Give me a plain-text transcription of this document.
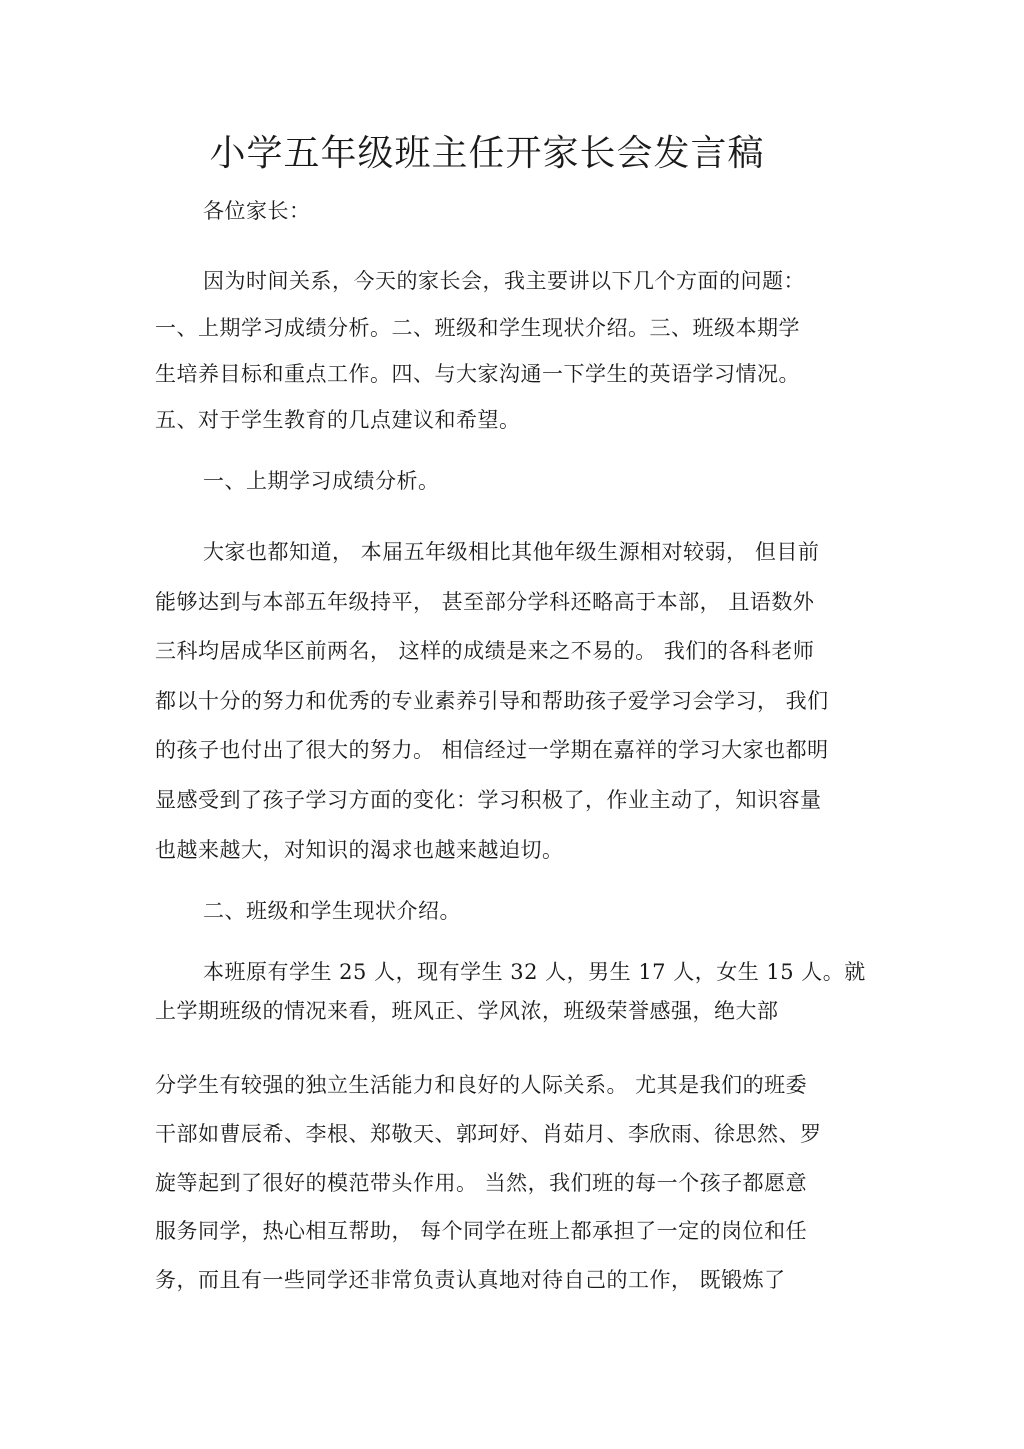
小学五年级班主任开家长会发言稿
各位家长：
因为时间关系，今天的家长会，我主要讲以下几个方面的问题：
一、上期学习成绩分析。二、班级和学生现状介绍。三、班级本期学
生培养目标和重点工作。四、与大家沟通一下学生的英语学习情况。
五、对于学生教育的几点建议和希望。
一、上期学习成绩分析。
大家也都知道， 本届五年级相比其他年级生源相对较弱， 但目前
能够达到与本部五年级持平， 甚至部分学科还略高于本部， 且语数外
三科均居成华区前两名， 这样的成绩是来之不易的。 我们的各科老师
都以十分的努力和优秀的专业素养引导和帮助孩子爱学习会学习， 我们
的孩子也付出了很大的努力。 相信经过一学期在嘉祥的学习大家也都明
显感受到了孩子学习方面的变化：学习积极了，作业主动了，知识容量
也越来越大，对知识的渴求也越来越迫切。
二、班级和学生现状介绍。
本班原有学生 25 人，现有学生 32 人，男生 17 人，女生 15 人。就
上学期班级的情况来看，班风正、学风浓，班级荣誉感强，绝大部
分学生有较强的独立生活能力和良好的人际关系。 尤其是我们的班委
干部如曹辰希、李根、郑敬天、郭珂妤、肖茹月、李欣雨、徐思然、罗
旋等起到了很好的模范带头作用。 当然，我们班的每一个孩子都愿意
服务同学，热心相互帮助， 每个同学在班上都承担了一定的岗位和任
务，而且有一些同学还非常负责认真地对待自己的工作， 既锻炼了
